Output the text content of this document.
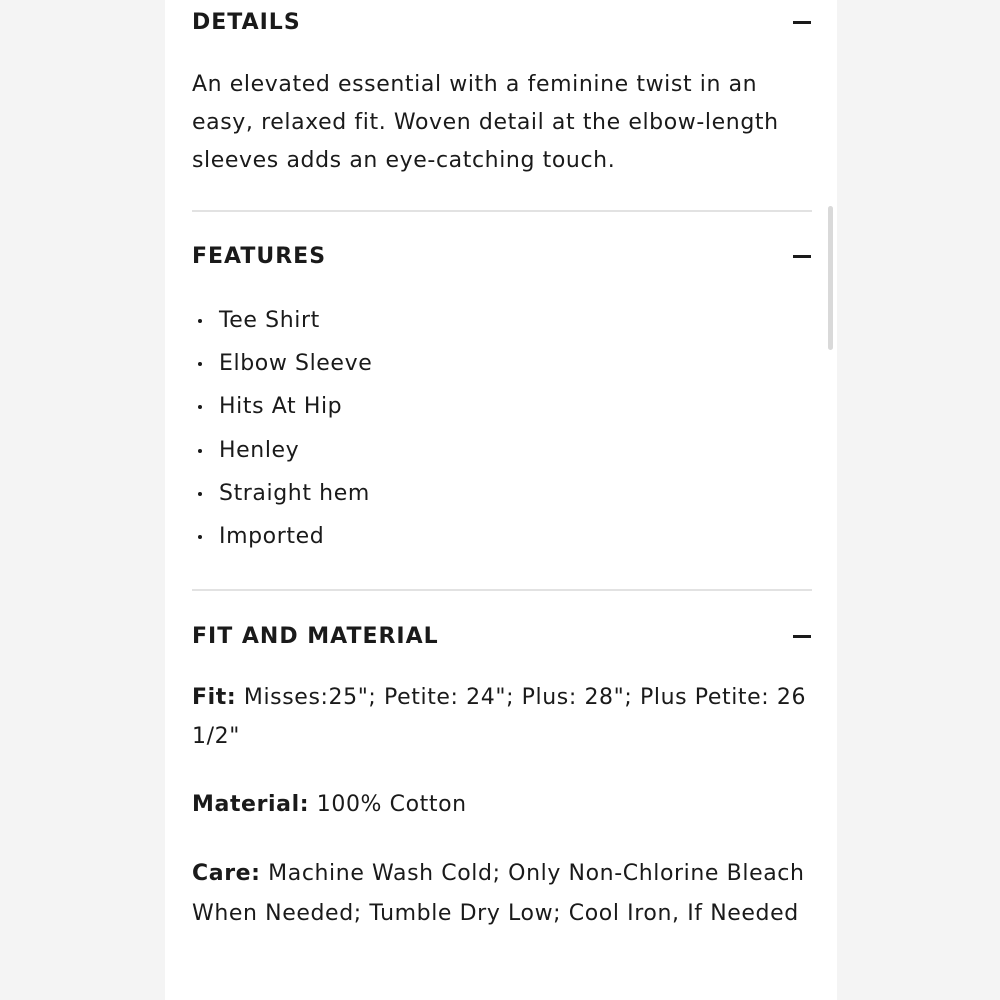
DETAILS
An elevated essential with a feminine twist in an easy, relaxed fit. Woven detail at the elbow-length sleeves adds an eye-catching touch.
FEATURES
Tee Shirt
Elbow Sleeve
Hits At Hip
Henley
Straight hem
Imported
FIT AND MATERIAL
Fit: Misses:25"; Petite: 24"; Plus: 28"; Plus Petite: 26 1/2"
Material: 100% Cotton
Care: Machine Wash Cold; Only Non-Chlorine Bleach When Needed; Tumble Dry Low; Cool Iron, If Needed
